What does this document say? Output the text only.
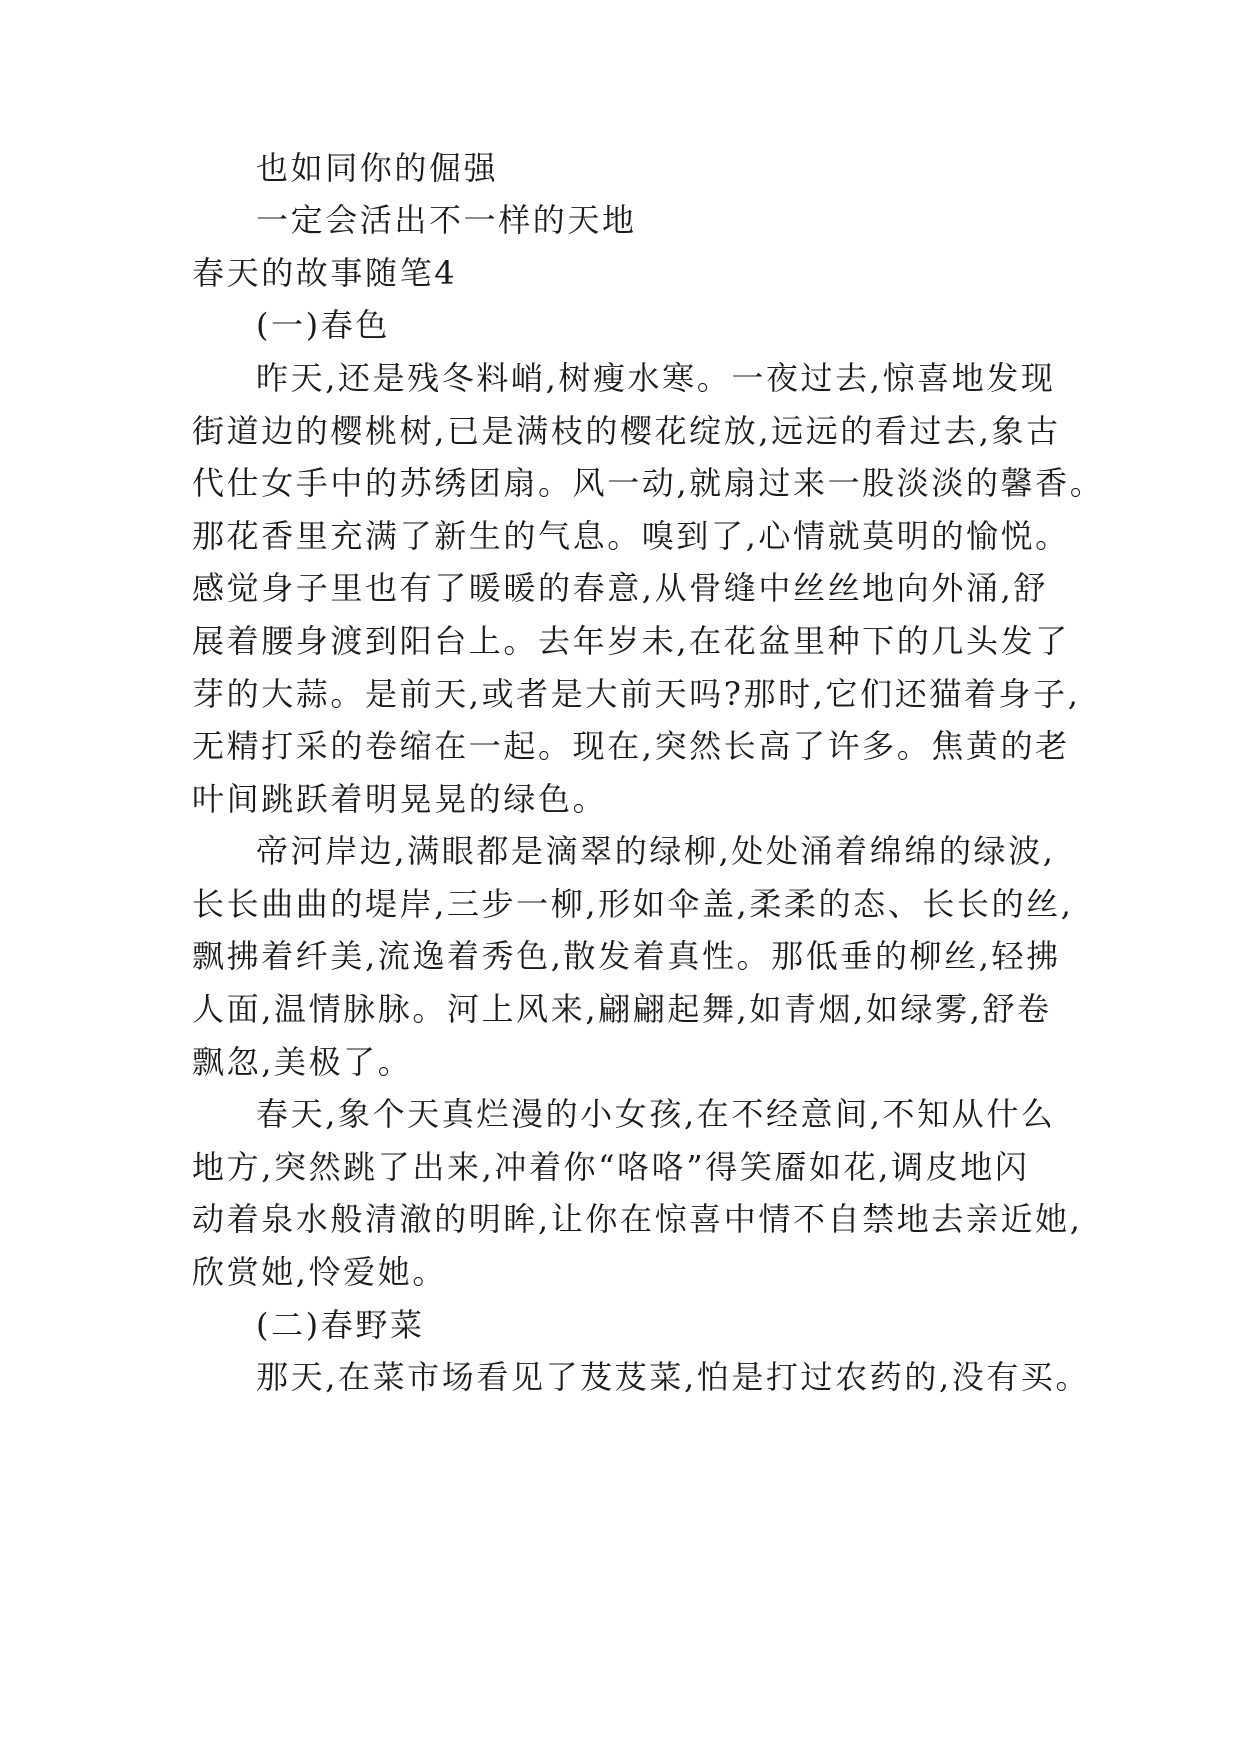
也如同你的倔强
一定会活出不一样的天地
春天的故事随笔4
(一)春色
昨天,还是残冬料峭,树瘦水寒。一夜过去,惊喜地发现
街道边的樱桃树,已是满枝的樱花绽放,远远的看过去,象古
代仕女手中的苏绣团扇。风一动,就扇过来一股淡淡的馨香。
那花香里充满了新生的气息。嗅到了,心情就莫明的愉悦。
感觉身子里也有了暖暖的春意,从骨缝中丝丝地向外涌,舒
展着腰身渡到阳台上。去年岁未,在花盆里种下的几头发了
芽的大蒜。是前天,或者是大前天吗?那时,它们还猫着身子,
无精打采的卷缩在一起。现在,突然长高了许多。焦黄的老
叶间跳跃着明晃晃的绿色。
帝河岸边,满眼都是滴翠的绿柳,处处涌着绵绵的绿波,
长长曲曲的堤岸,三步一柳,形如伞盖,柔柔的态、长长的丝,
飘拂着纤美,流逸着秀色,散发着真性。那低垂的柳丝,轻拂
人面,温情脉脉。河上风来,翩翩起舞,如青烟,如绿雾,舒卷
飘忽,美极了。
春天,象个天真烂漫的小女孩,在不经意间,不知从什么
地方,突然跳了出来,冲着你“咯咯”得笑靥如花,调皮地闪
动着泉水般清澈的明眸,让你在惊喜中情不自禁地去亲近她,
欣赏她,怜爱她。
(二)春野菜
那天,在菜市场看见了芨芨菜,怕是打过农药的,没有买。
